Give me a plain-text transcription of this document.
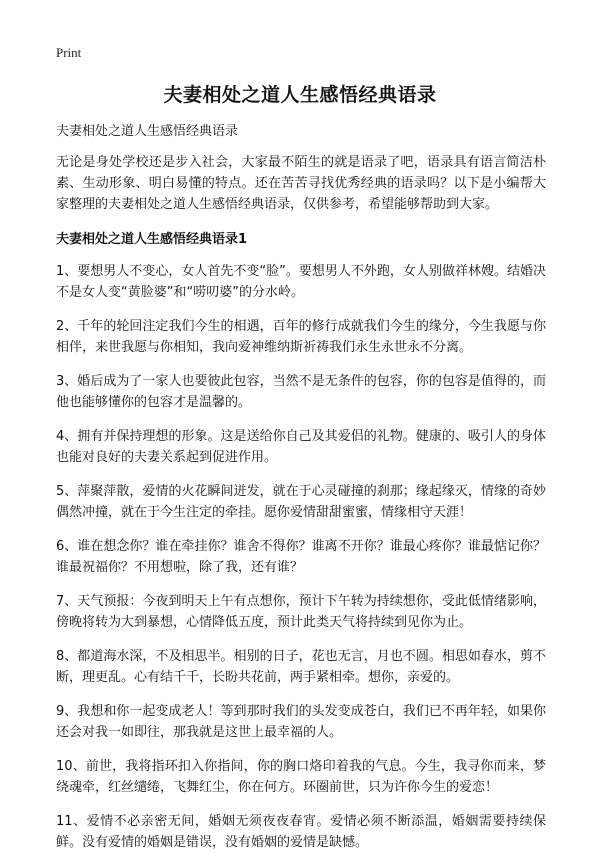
Print
夫妻相处之道人生感悟经典语录

夫妻相处之道人生感悟经典语录

无论是身处学校还是步入社会，大家最不陌生的就是语录了吧，语录具有语言简洁朴素、生动形象、明白易懂的特点。还在苦苦寻找优秀经典的语录吗？以下是小编帮大家整理的夫妻相处之道人生感悟经典语录，仅供参考，希望能够帮助到大家。

夫妻相处之道人生感悟经典语录1

1、要想男人不变心，女人首先不变“脸”。要想男人不外跑，女人别做祥林嫂。结婚决不是女人变“黄脸婆”和“唠叨婆”的分水岭。

2、千年的轮回注定我们今生的相遇，百年的修行成就我们今生的缘分，今生我愿与你相伴，来世我愿与你相知，我向爱神维纳斯祈祷我们永生永世永不分离。

3、婚后成为了一家人也要彼此包容，当然不是无条件的包容，你的包容是值得的，而他也能够懂你的包容才是温馨的。

4、拥有并保持理想的形象。这是送给你自己及其爱侣的礼物。健康的、吸引人的身体也能对良好的夫妻关系起到促进作用。

5、萍聚萍散，爱情的火花瞬间迸发，就在于心灵碰撞的刹那；缘起缘灭，情缘的奇妙偶然冲撞，就在于今生注定的牵挂。愿你爱情甜甜蜜蜜，情缘相守天涯！

6、谁在想念你？谁在牵挂你？谁舍不得你？谁离不开你？谁最心疼你？谁最惦记你？谁最祝福你？不用想啦，除了我，还有谁？

7、天气预报：今夜到明天上午有点想你，预计下午转为持续想你，受此低情绪影响，傍晚将转为大到暴想，心情降低五度，预计此类天气将持续到见你为止。

8、都道海水深，不及相思半。相别的日子，花也无言，月也不圆。相思如春水，剪不断，理更乱。心有结千千，长盼共花前，两手紧相牵。想你，亲爱的。

9、我想和你一起变成老人！等到那时我们的头发变成苍白，我们已不再年轻，如果你还会对我一如即往，那我就是这世上最幸福的人。

10、前世，我将指环扣入你指间，你的胸口烙印着我的气息。今生，我寻你而来，梦绕魂牵，红丝缱绻，飞舞红尘，你在何方。环圈前世，只为许你今生的爱恋！

11、爱情不必亲密无间，婚姻无须夜夜春宵。爱情必须不断添温，婚姻需要持续保鲜。没有爱情的婚姻是错误，没有婚姻的爱情是缺憾。
